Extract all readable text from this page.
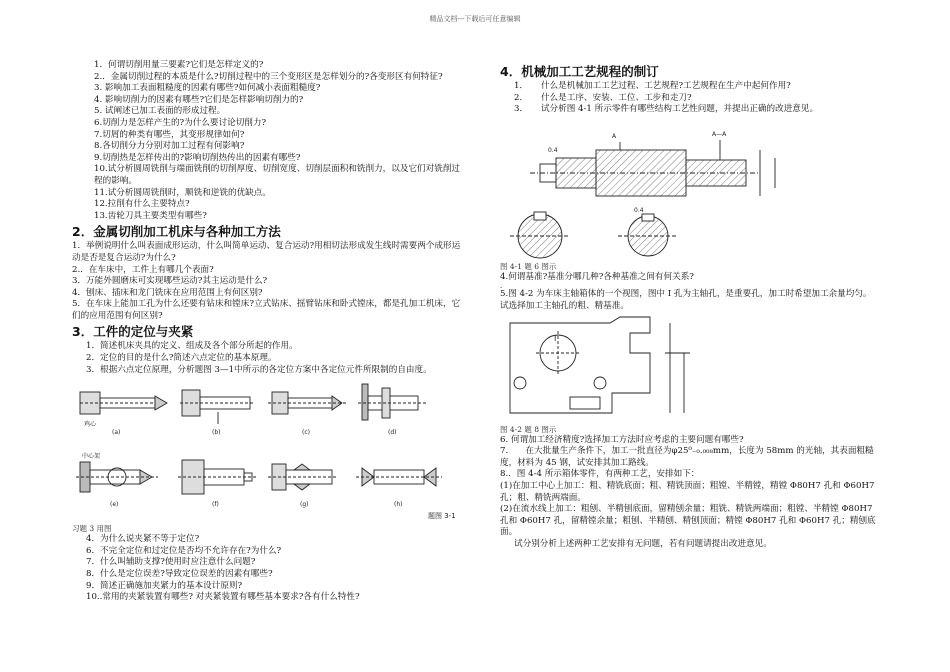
精品文档---下载后可任意编辑
1．何谓切削用量三要素?它们是怎样定义的?
2.．金属切削过程的本质是什么?切削过程中的三个变形区是怎样划分的?各变形区有何特征?
3. 影响加工表面粗糙度的因素有哪些?如何减小表面粗糙度?
4. 影响切削力的因素有哪些?它们是怎样影响切削力的?
5. 试阐述已加工表面的形成过程。
6.切削力是怎样产生的?为什么要讨论切削力?
7.切屑的种类有哪些，其变形规律如何?
8.各切削分力分别对加工过程有何影响?
9.切削热是怎样传出的?影响切削热传出的因素有哪些?
10.试分析圆周铣削与端面铣削的切削厚度、切削宽度、切削层面积和铣削力，以及它们对铣削过程的影响。
11.试分析圆周铣削时，顺铣和逆铣的优缺点。
12.拉削有什么主要特点?
13.齿轮刀具主要类型有哪些?
2．金属切削加工机床与各种加工方法
1．举例说明什么叫表面成形运动，什么叫简单运动、复合运动?用相切法形成发生线时需要两个成形运动是否是复合运动?为什么?
2.．在车床中，工件上有哪几个表面?
3．万能外圆磨床可实现哪些运动?其主运动是什么?
4．刨床、插床和龙门铣床在应用范围上有何区别?
5．在车床上能加工孔为什么还要有钻床和镗床?立式钻床、摇臂钻床和卧式镗床，都是孔加工机床，它们的应用范围有何区别?
3．工件的定位与夹紧
1．简述机床夹具的定义、组成及各个部分所起的作用。
2．定位的目的是什么?简述六点定位的基本原理。
3．根据六点定位原理，分析题图 3—1中所示的各定位方案中各定位元件所限制的自由度。
鸡心
中心架
(a)	(b)	(c)	(d)
(e)	(f)	(g)	(h)
题图 3-1
习题 3 用图
4．为什么说夹紧不等于定位?
6．不完全定位和过定位是否均不允许存在?为什么?
7．什么叫辅助支撑?使用时应注意什么问题?
8．什么是定位误差?导致定位误差的因素有哪些?
9．简述正确施加夹紧力的基本设计原则?
10..常用的夹紧装置有哪些? 对夹紧装置有哪些基本要求?各有什么特性?
4．机械加工工艺规程的制订
1．　　什么是机械加工工艺过程、工艺规程?工艺规程在生产中起何作用?
2．　　什么是工序、安装、工位、工步和走刀?
3．　　试分析图 4-1 所示零件有哪些结构工艺性问题，并提出正确的改进意见。
A
0.4
0.4
A—A
图 4-1 题 6 图示
4.何谓基准?基准分哪几种?各种基准之间有何关系?
.
5.图 4-2 为车床主轴箱体的一个视图，图中 I 孔为主轴孔，是重要孔，加工时希望加工余量均匀。试选择加工主轴孔的粗、精基准。
I
图 4-2 题 8 图示
6. 何谓加工经济精度?选择加工方法时应考虑的主要问题有哪些?
7.　　在大批量生产条件下，加工一批直径为φ25⁰₋₀.₀₀₈mm，长度为 58mm 的光轴，其表面粗糙度，材料为 45 钢，试安排其加工路线。
8.．图 4-4 所示箱体零件，有两种工艺，安排如下：
(1)在加工中心上加工：粗、精铣底面；粗、精铣顶面；粗镗、半精镗，精镗 Φ80H7 孔和 Φ60H7 孔；粗、精铣两端面。
(2)在流水线上加工：粗刨、半精刨底面，留精刨余量；粗铣、精铣两端面；粗镗、半精镗 Φ80H7 孔和 Φ60H7 孔，留精镗余量；粗刨、半精刨、精刨顶面；精镗 Φ80H7 孔和 Φ60H7 孔；精刨底面。
试分别分析上述两种工艺安排有无问题，若有问题请提出改进意见。
